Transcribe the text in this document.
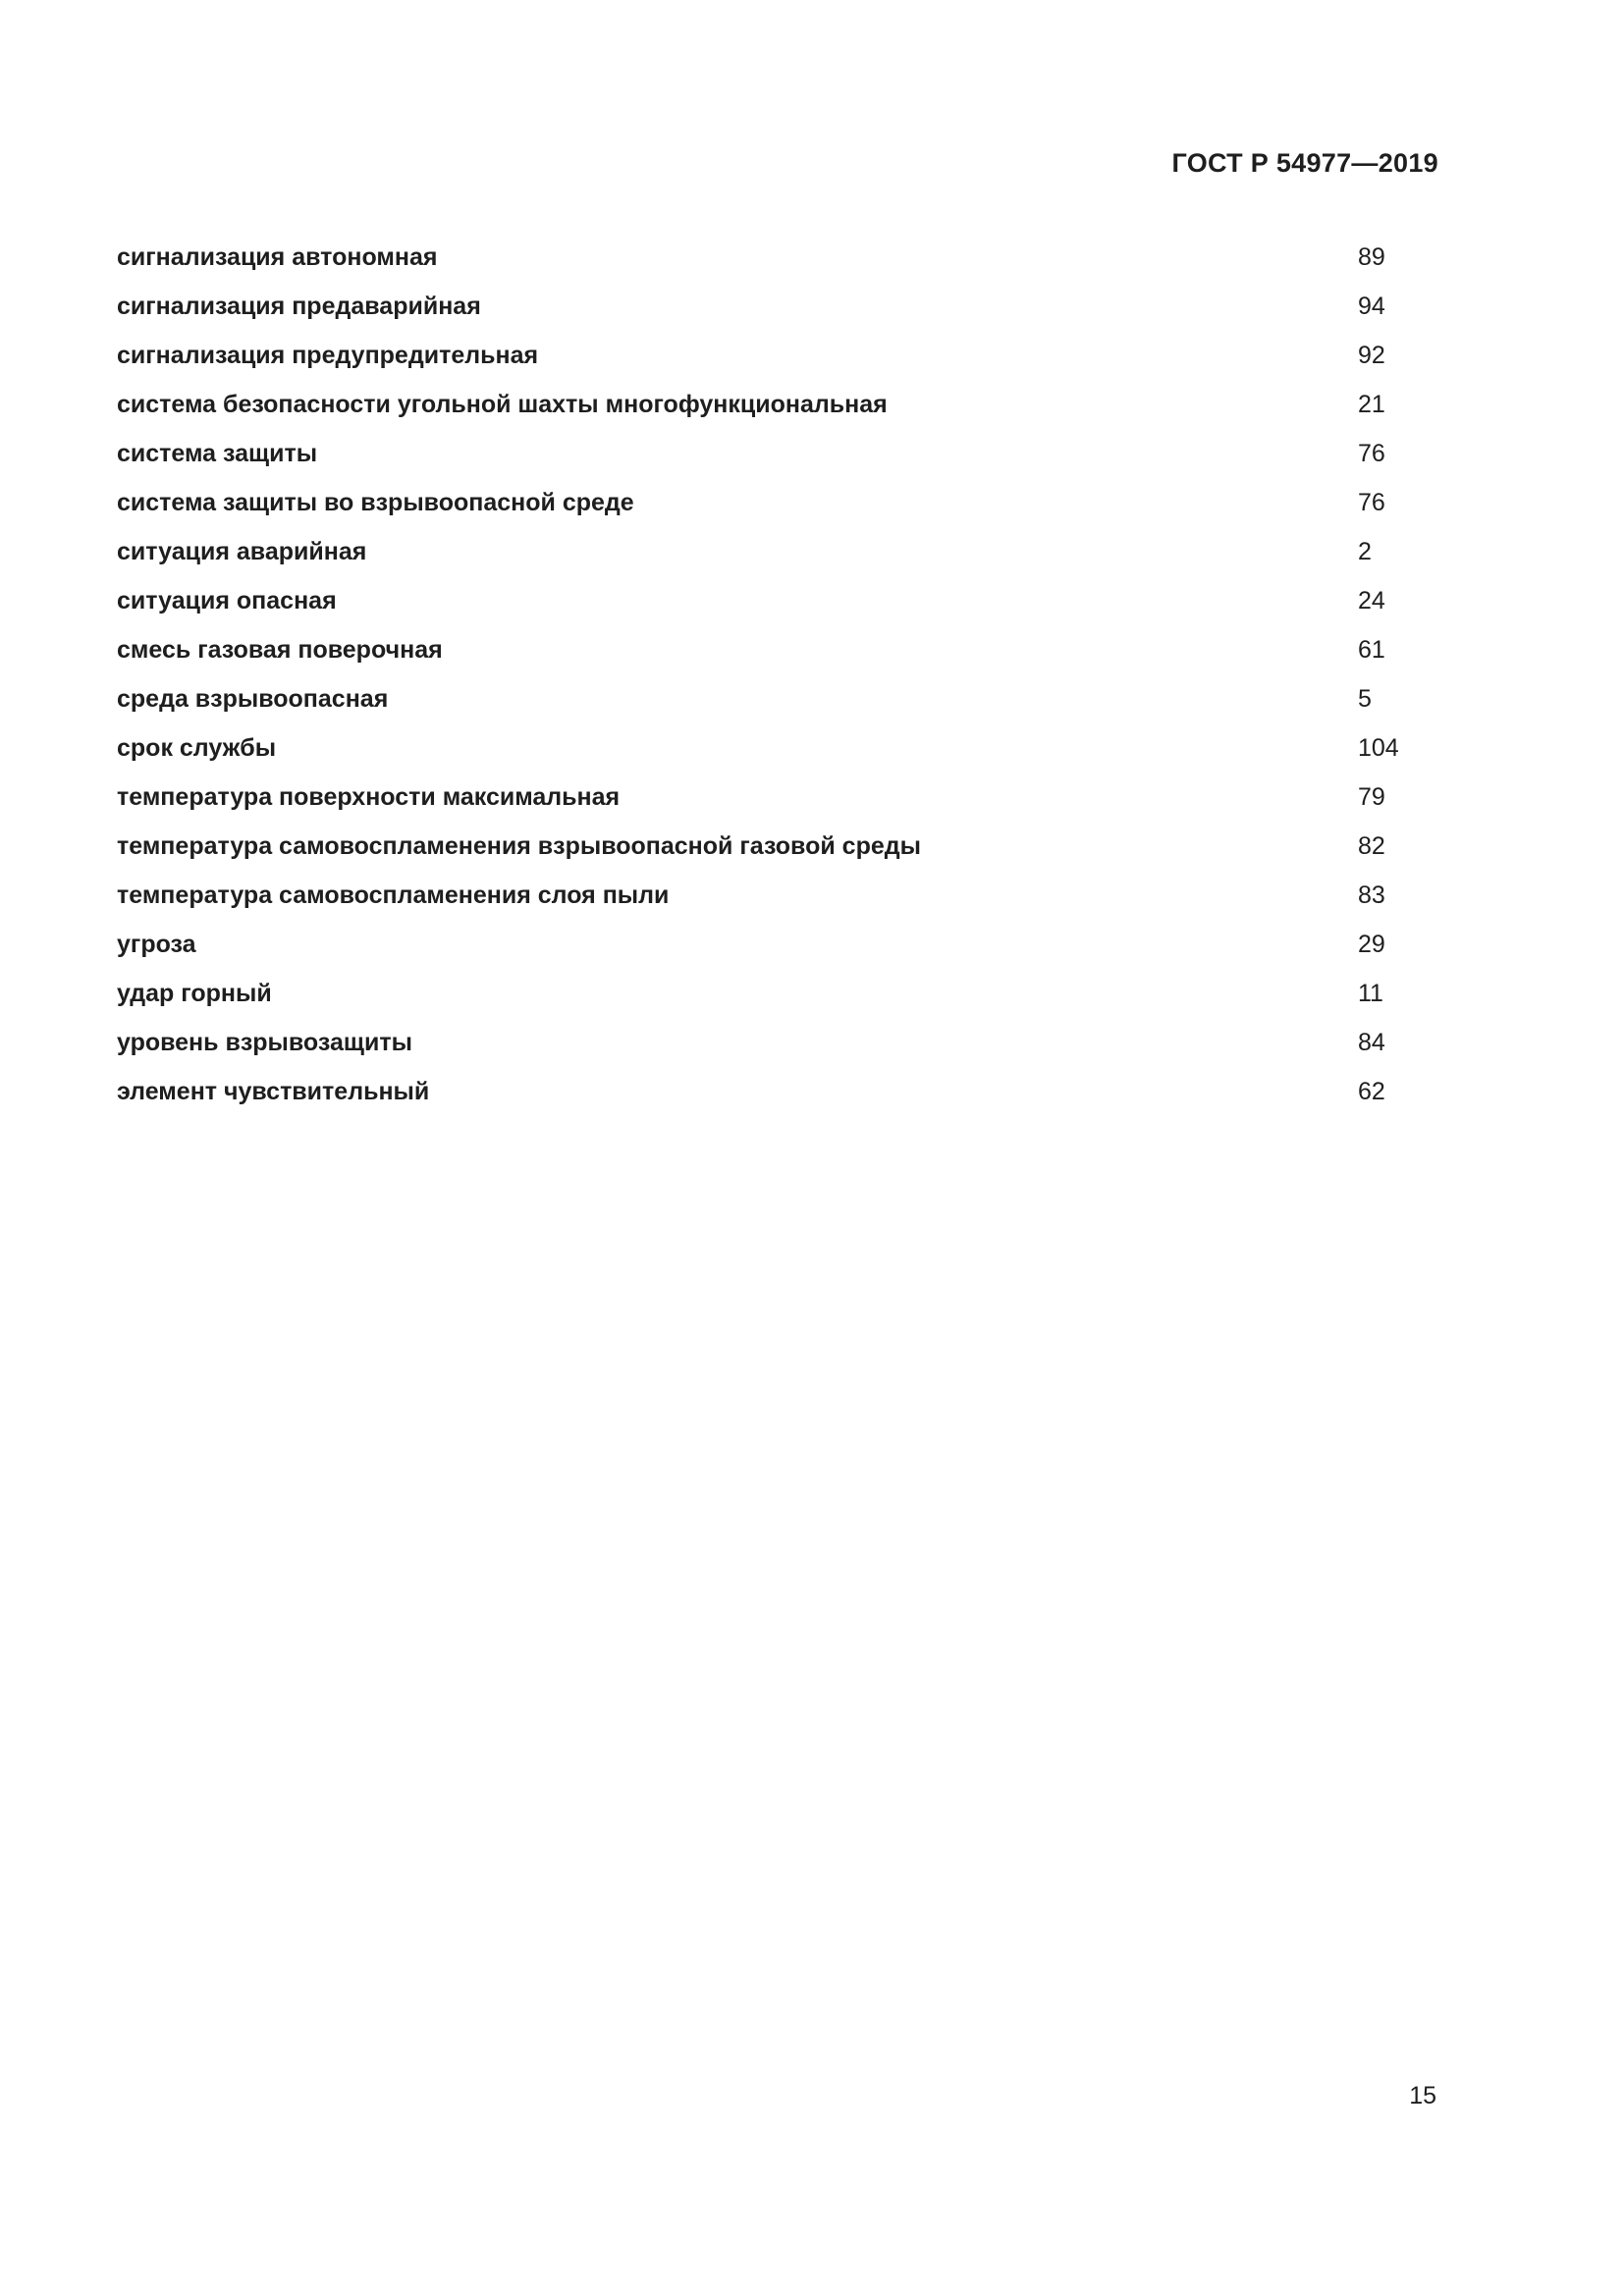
ГОСТ Р 54977—2019
сигнализация автономная	89
сигнализация предаварийная	94
сигнализация предупредительная	92
система безопасности угольной шахты многофункциональная	21
система защиты	76
система защиты во взрывоопасной среде	76
ситуация аварийная	2
ситуация опасная	24
смесь газовая поверочная	61
среда взрывоопасная	5
срок службы	104
температура поверхности максимальная	79
температура самовоспламенения взрывоопасной газовой среды	82
температура самовоспламенения слоя пыли	83
угроза	29
удар горный	11
уровень взрывозащиты	84
элемент чувствительный	62
15
